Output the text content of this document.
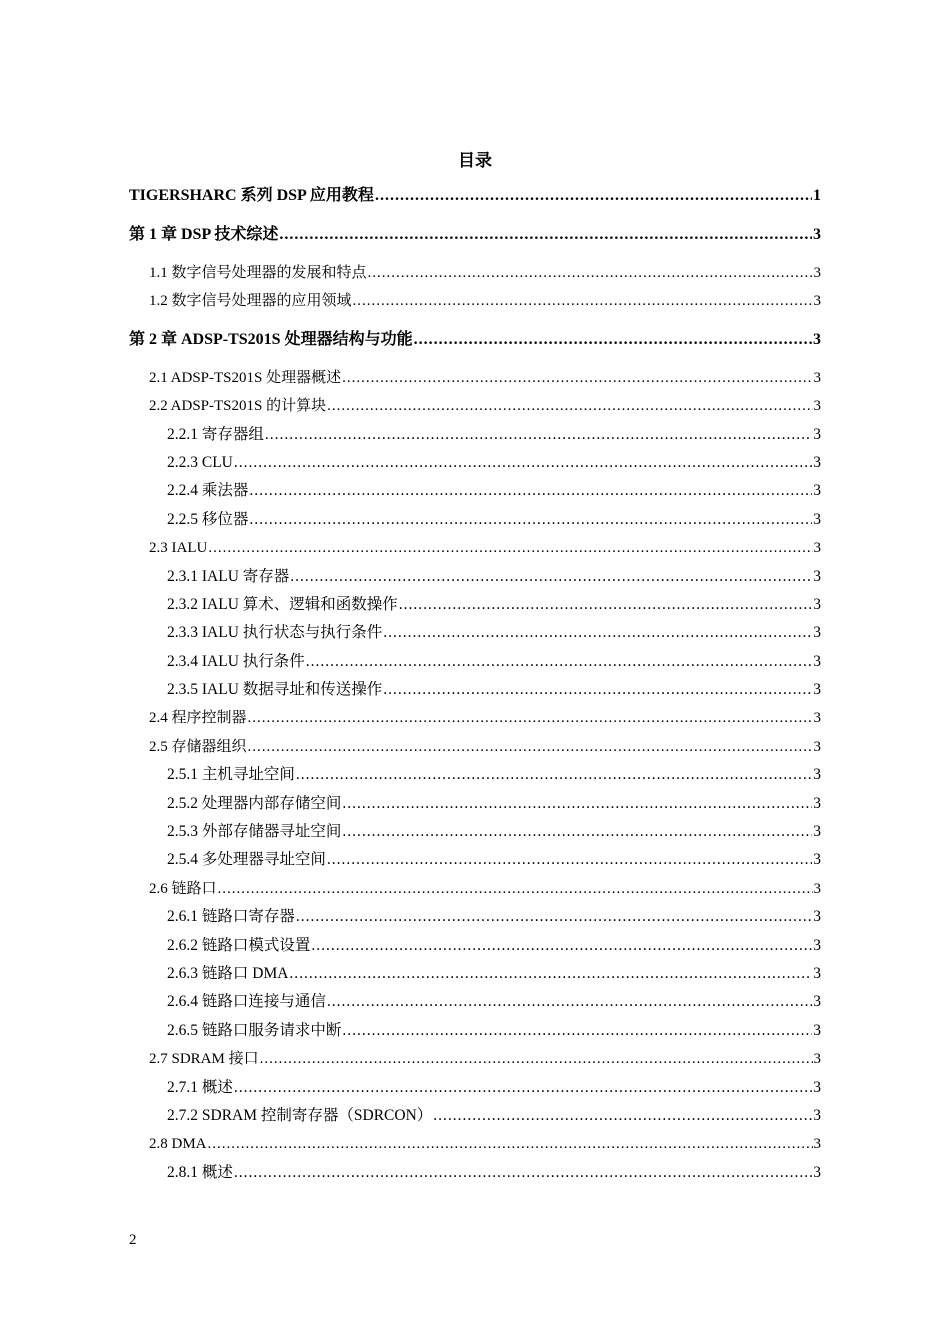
目录
TIGERSHARC 系列 DSP 应用教程 .....	1
第 1 章 DSP 技术综述 .....	3
1.1 数字信号处理器的发展和特点 .....	3
1.2 数字信号处理器的应用领域 .....	3
第 2 章 ADSP-TS201S 处理器结构与功能 .....	3
2.1 ADSP-TS201S 处理器概述 .....	3
2.2 ADSP-TS201S 的计算块 .....	3
2.2.1 寄存器组 .....	3
2.2.3 CLU .....	3
2.2.4 乘法器 .....	3
2.2.5 移位器 .....	3
2.3 IALU .....	3
2.3.1 IALU 寄存器 .....	3
2.3.2 IALU 算术、逻辑和函数操作 .....	3
2.3.3 IALU 执行状态与执行条件 .....	3
2.3.4 IALU 执行条件 .....	3
2.3.5 IALU 数据寻址和传送操作 .....	3
2.4 程序控制器 .....	3
2.5 存储器组织 .....	3
2.5.1 主机寻址空间 .....	3
2.5.2 处理器内部存储空间 .....	3
2.5.3 外部存储器寻址空间 .....	3
2.5.4 多处理器寻址空间 .....	3
2.6 链路口 .....	3
2.6.1 链路口寄存器 .....	3
2.6.2 链路口模式设置 .....	3
2.6.3 链路口 DMA .....	3
2.6.4 链路口连接与通信 .....	3
2.6.5 链路口服务请求中断 .....	3
2.7 SDRAM 接口 .....	3
2.7.1 概述 .....	3
2.7.2 SDRAM 控制寄存器（SDRCON） .....	3
2.8 DMA .....	3
2.8.1 概述 .....	3
2
